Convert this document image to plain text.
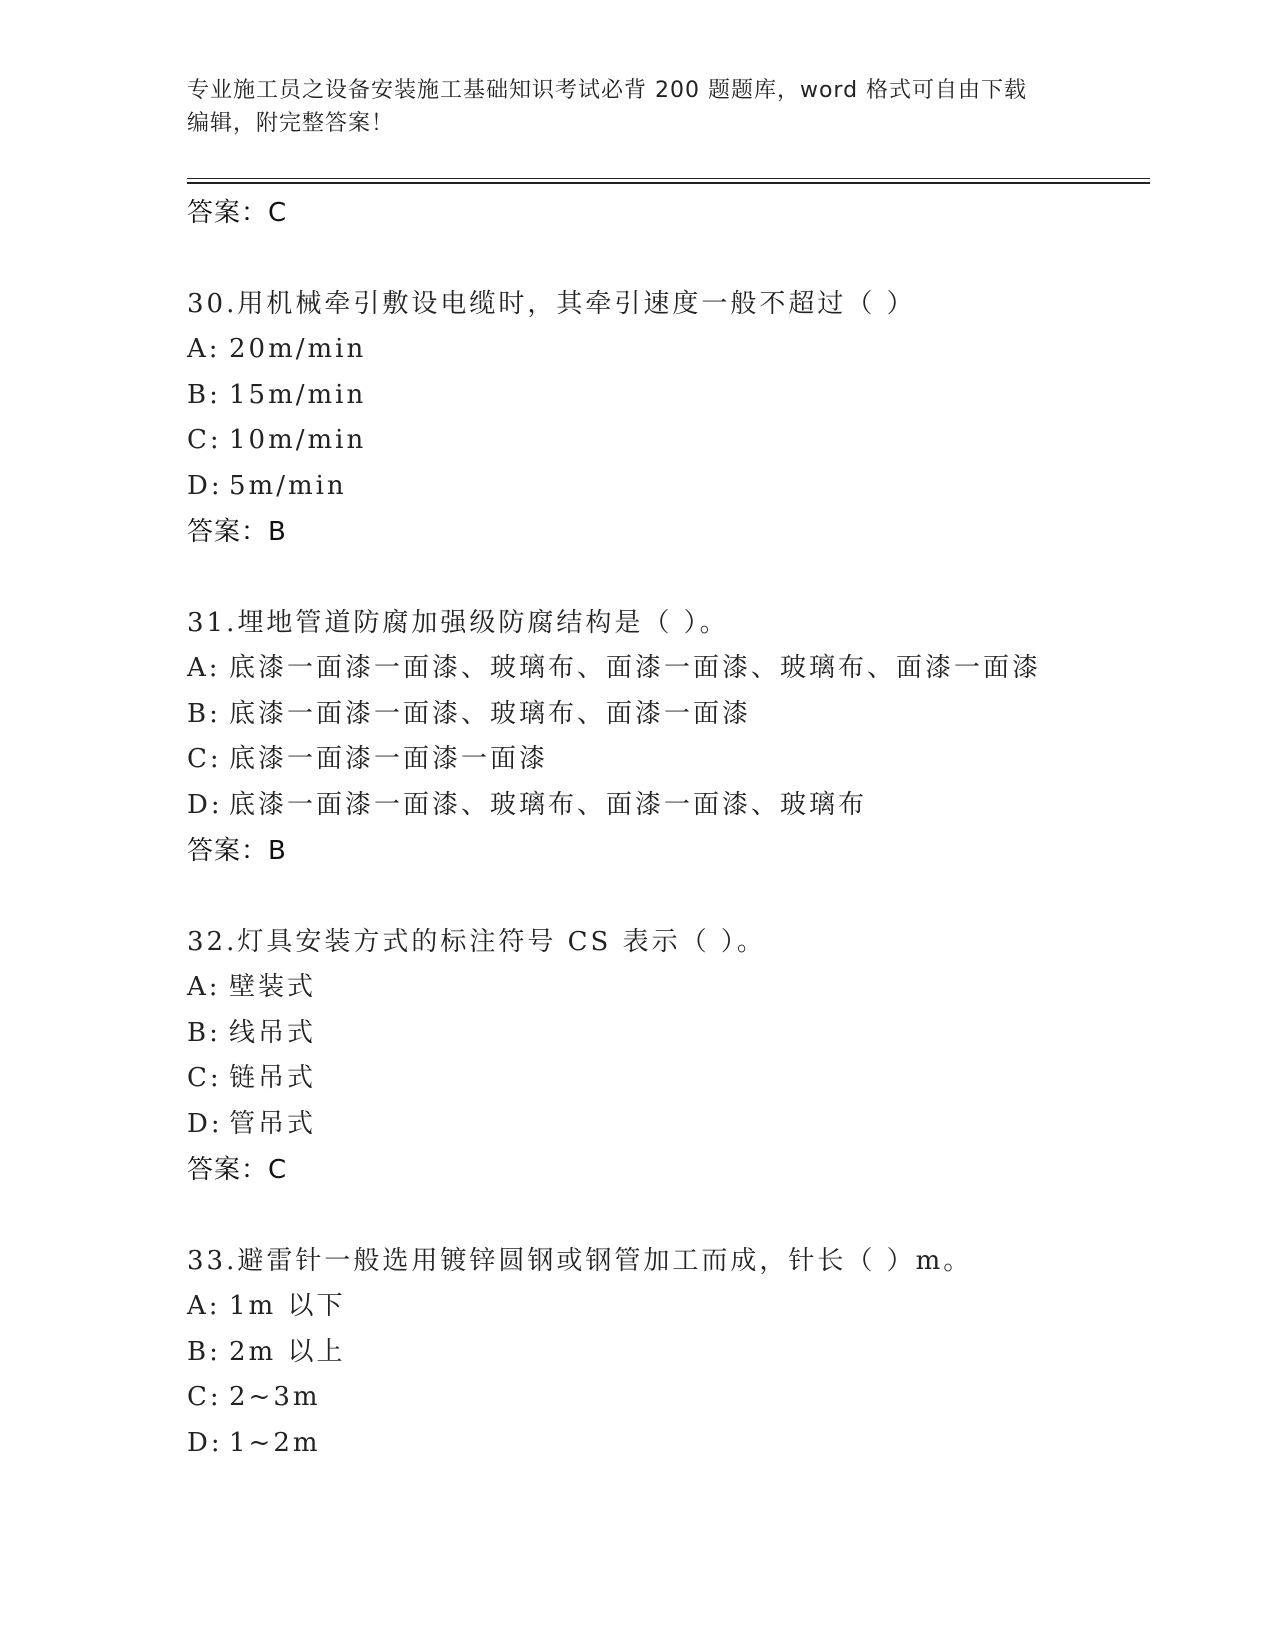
专业施工员之设备安装施工基础知识考试必背 200 题题库，word 格式可自由下载
编辑，附完整答案！
答案：C
30.用机械牵引敷设电缆时，其牵引速度一般不超过（ ）
A: 20m/min
B: 15m/min
C: 10m/min
D: 5m/min
答案：B
31.埋地管道防腐加强级防腐结构是（ ）。
A: 底漆一面漆一面漆、玻璃布、面漆一面漆、玻璃布、面漆一面漆
B: 底漆一面漆一面漆、玻璃布、面漆一面漆
C: 底漆一面漆一面漆一面漆
D: 底漆一面漆一面漆、玻璃布、面漆一面漆、玻璃布
答案：B
32.灯具安装方式的标注符号 CS 表示（ ）。
A: 壁装式
B: 线吊式
C: 链吊式
D: 管吊式
答案：C
33.避雷针一般选用镀锌圆钢或钢管加工而成，针长（ ）m。
A: 1m 以下
B: 2m 以上
C: 2~3m
D: 1~2m
